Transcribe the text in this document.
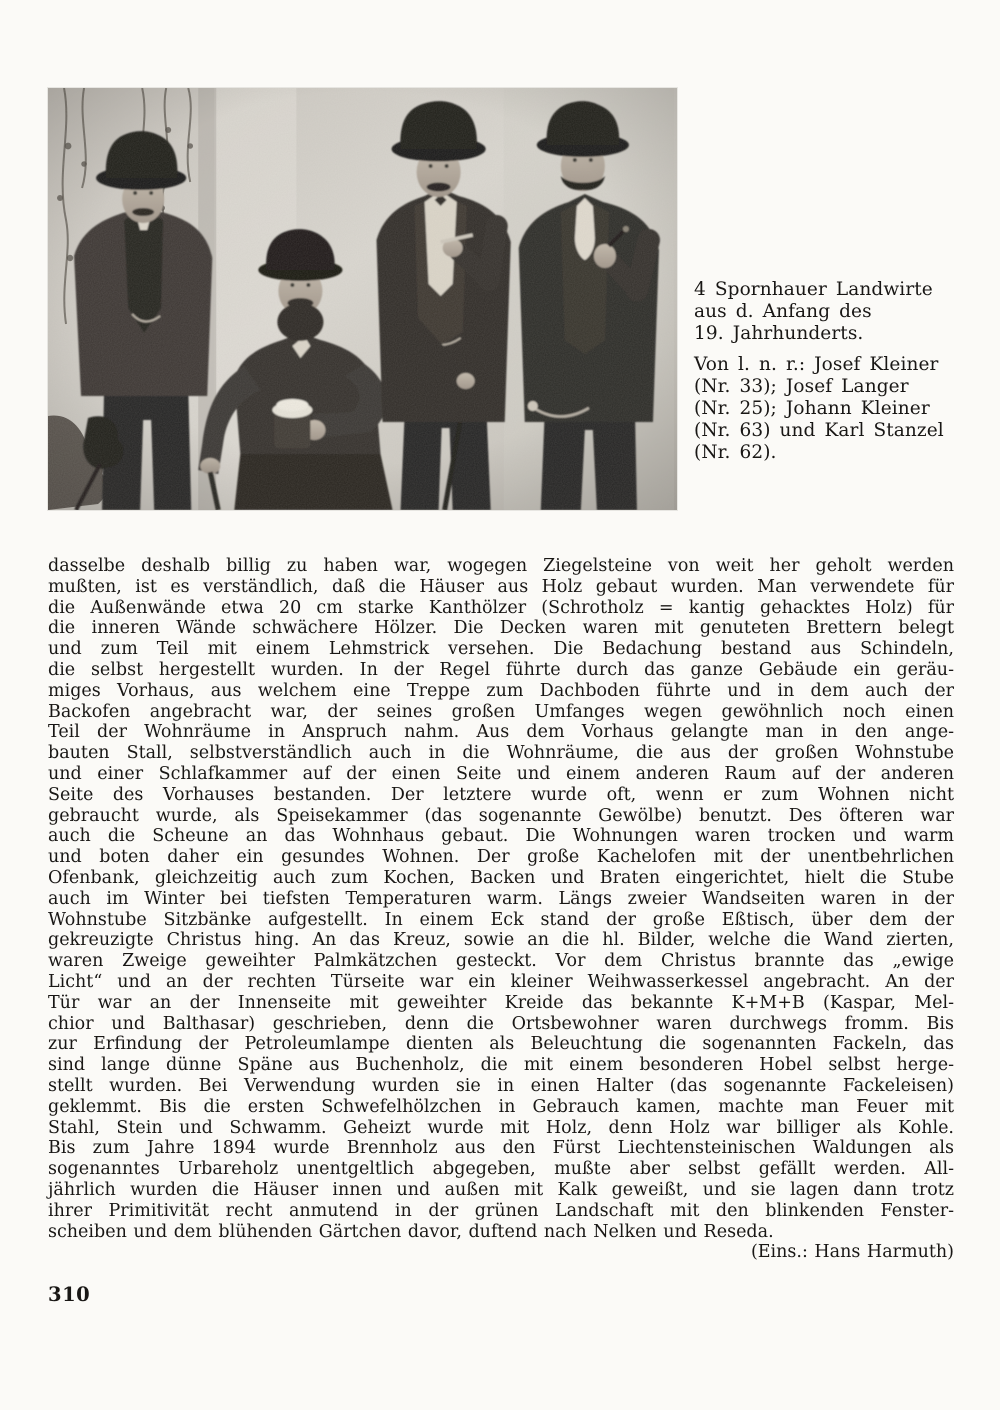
4 Spornhauer Landwirte
aus d. Anfang des
19. Jahrhunderts.
Von l. n. r.: Josef Kleiner
(Nr. 33); Josef Langer
(Nr. 25); Johann Kleiner
(Nr. 63) und Karl Stanzel
(Nr. 62).
dasselbe deshalb billig zu haben war, wogegen Ziegelsteine von weit her geholt werden
mußten, ist es verständlich, daß die Häuser aus Holz gebaut wurden. Man verwendete für
die Außenwände etwa 20 cm starke Kanthölzer (Schrotholz = kantig gehacktes Holz) für
die inneren Wände schwächere Hölzer. Die Decken waren mit genuteten Brettern belegt
und zum Teil mit einem Lehmstrick versehen. Die Bedachung bestand aus Schindeln,
die selbst hergestellt wurden. In der Regel führte durch das ganze Gebäude ein geräu-
miges Vorhaus, aus welchem eine Treppe zum Dachboden führte und in dem auch der
Backofen angebracht war, der seines großen Umfanges wegen gewöhnlich noch einen
Teil der Wohnräume in Anspruch nahm. Aus dem Vorhaus gelangte man in den ange-
bauten Stall, selbstverständlich auch in die Wohnräume, die aus der großen Wohnstube
und einer Schlafkammer auf der einen Seite und einem anderen Raum auf der anderen
Seite des Vorhauses bestanden. Der letztere wurde oft, wenn er zum Wohnen nicht
gebraucht wurde, als Speisekammer (das sogenannte Gewölbe) benutzt. Des öfteren war
auch die Scheune an das Wohnhaus gebaut. Die Wohnungen waren trocken und warm
und boten daher ein gesundes Wohnen. Der große Kachelofen mit der unentbehrlichen
Ofenbank, gleichzeitig auch zum Kochen, Backen und Braten eingerichtet, hielt die Stube
auch im Winter bei tiefsten Temperaturen warm. Längs zweier Wandseiten waren in der
Wohnstube Sitzbänke aufgestellt. In einem Eck stand der große Eßtisch, über dem der
gekreuzigte Christus hing. An das Kreuz, sowie an die hl. Bilder, welche die Wand zierten,
waren Zweige geweihter Palmkätzchen gesteckt. Vor dem Christus brannte das „ewige
Licht“ und an der rechten Türseite war ein kleiner Weihwasserkessel angebracht. An der
Tür war an der Innenseite mit geweihter Kreide das bekannte K+M+B (Kaspar, Mel-
chior und Balthasar) geschrieben, denn die Ortsbewohner waren durchwegs fromm. Bis
zur Erfindung der Petroleumlampe dienten als Beleuchtung die sogenannten Fackeln, das
sind lange dünne Späne aus Buchenholz, die mit einem besonderen Hobel selbst herge-
stellt wurden. Bei Verwendung wurden sie in einen Halter (das sogenannte Fackeleisen)
geklemmt. Bis die ersten Schwefelhölzchen in Gebrauch kamen, machte man Feuer mit
Stahl, Stein und Schwamm. Geheizt wurde mit Holz, denn Holz war billiger als Kohle.
Bis zum Jahre 1894 wurde Brennholz aus den Fürst Liechtensteinischen Waldungen als
sogenanntes Urbareholz unentgeltlich abgegeben, mußte aber selbst gefällt werden. All-
jährlich wurden die Häuser innen und außen mit Kalk geweißt, und sie lagen dann trotz
ihrer Primitivität recht anmutend in der grünen Landschaft mit den blinkenden Fenster-
scheiben und dem blühenden Gärtchen davor, duftend nach Nelken und Reseda.
(Eins.: Hans Harmuth)
310
